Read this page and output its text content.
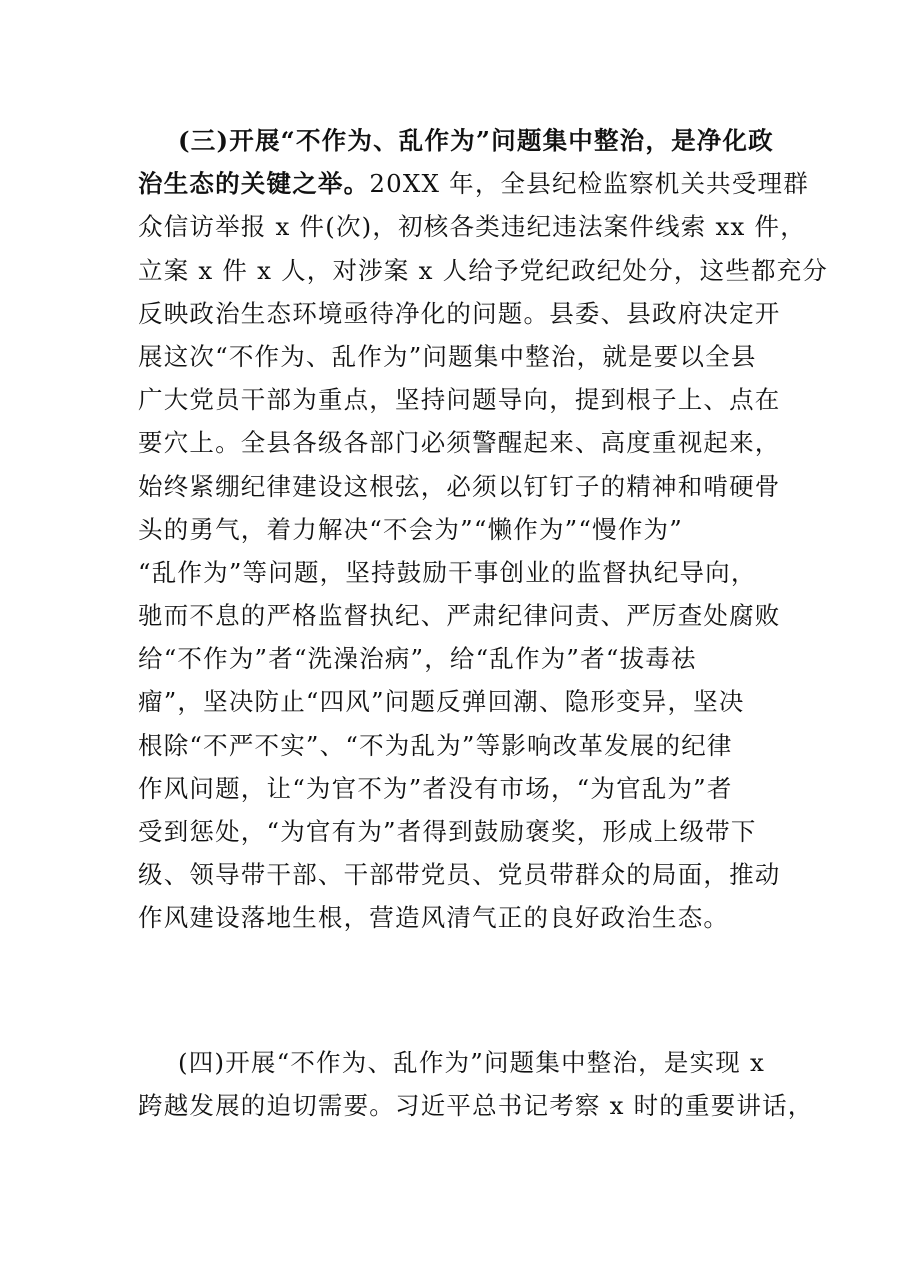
(三)开展“不作为、乱作为”问题集中整治，是净化政
治生态的关键之举。20XX 年，全县纪检监察机关共受理群
众信访举报 x 件(次)，初核各类违纪违法案件线索 xx 件，
立案 x 件 x 人，对涉案 x 人给予党纪政纪处分，这些都充分
反映政治生态环境亟待净化的问题。县委、县政府决定开
展这次“不作为、乱作为”问题集中整治，就是要以全县
广大党员干部为重点，坚持问题导向，提到根子上、点在
要穴上。全县各级各部门必须警醒起来、高度重视起来，
始终紧绷纪律建设这根弦，必须以钉钉子的精神和啃硬骨
头的勇气，着力解决“不会为”“懒作为”“慢作为”
“乱作为”等问题，坚持鼓励干事创业的监督执纪导向，
驰而不息的严格监督执纪、严肃纪律问责、严厉查处腐败
给“不作为”者“洗澡治病”，给“乱作为”者“拔毒祛
瘤”，坚决防止“四风”问题反弹回潮、隐形变异，坚决
根除“不严不实”、“不为乱为”等影响改革发展的纪律
作风问题，让“为官不为”者没有市场，“为官乱为”者
受到惩处，“为官有为”者得到鼓励褒奖，形成上级带下
级、领导带干部、干部带党员、党员带群众的局面，推动
作风建设落地生根，营造风清气正的良好政治生态。
(四)开展“不作为、乱作为”问题集中整治，是实现 x
跨越发展的迫切需要。习近平总书记考察 x 时的重要讲话，
